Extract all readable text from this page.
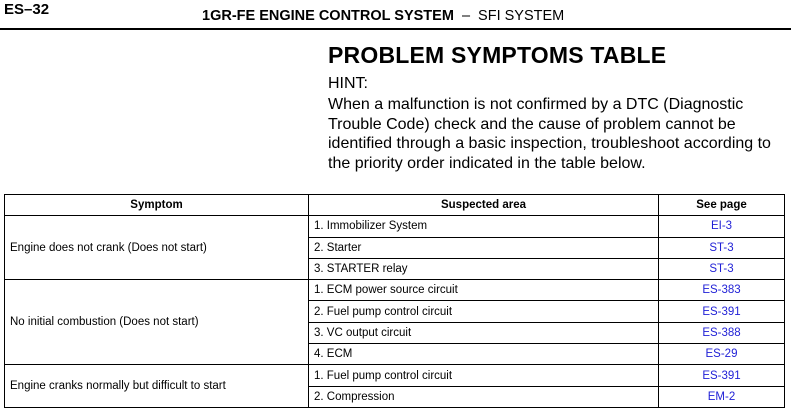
ES–32	1GR-FE ENGINE CONTROL SYSTEM – SFI SYSTEM
PROBLEM SYMPTOMS TABLE
HINT:
When a malfunction is not confirmed by a DTC (Diagnostic Trouble Code) check and the cause of problem cannot be identified through a basic inspection, troubleshoot according to the priority order indicated in the table below.
Symptom	Suspected area	See page
Engine does not crank (Does not start)	1. Immobilizer System	EI-3
	2. Starter	ST-3
	3. STARTER relay	ST-3
No initial combustion (Does not start)	1. ECM power source circuit	ES-383
	2. Fuel pump control circuit	ES-391
	3. VC output circuit	ES-388
	4. ECM	ES-29
Engine cranks normally but difficult to start	1. Fuel pump control circuit	ES-391
	2. Compression	EM-2
